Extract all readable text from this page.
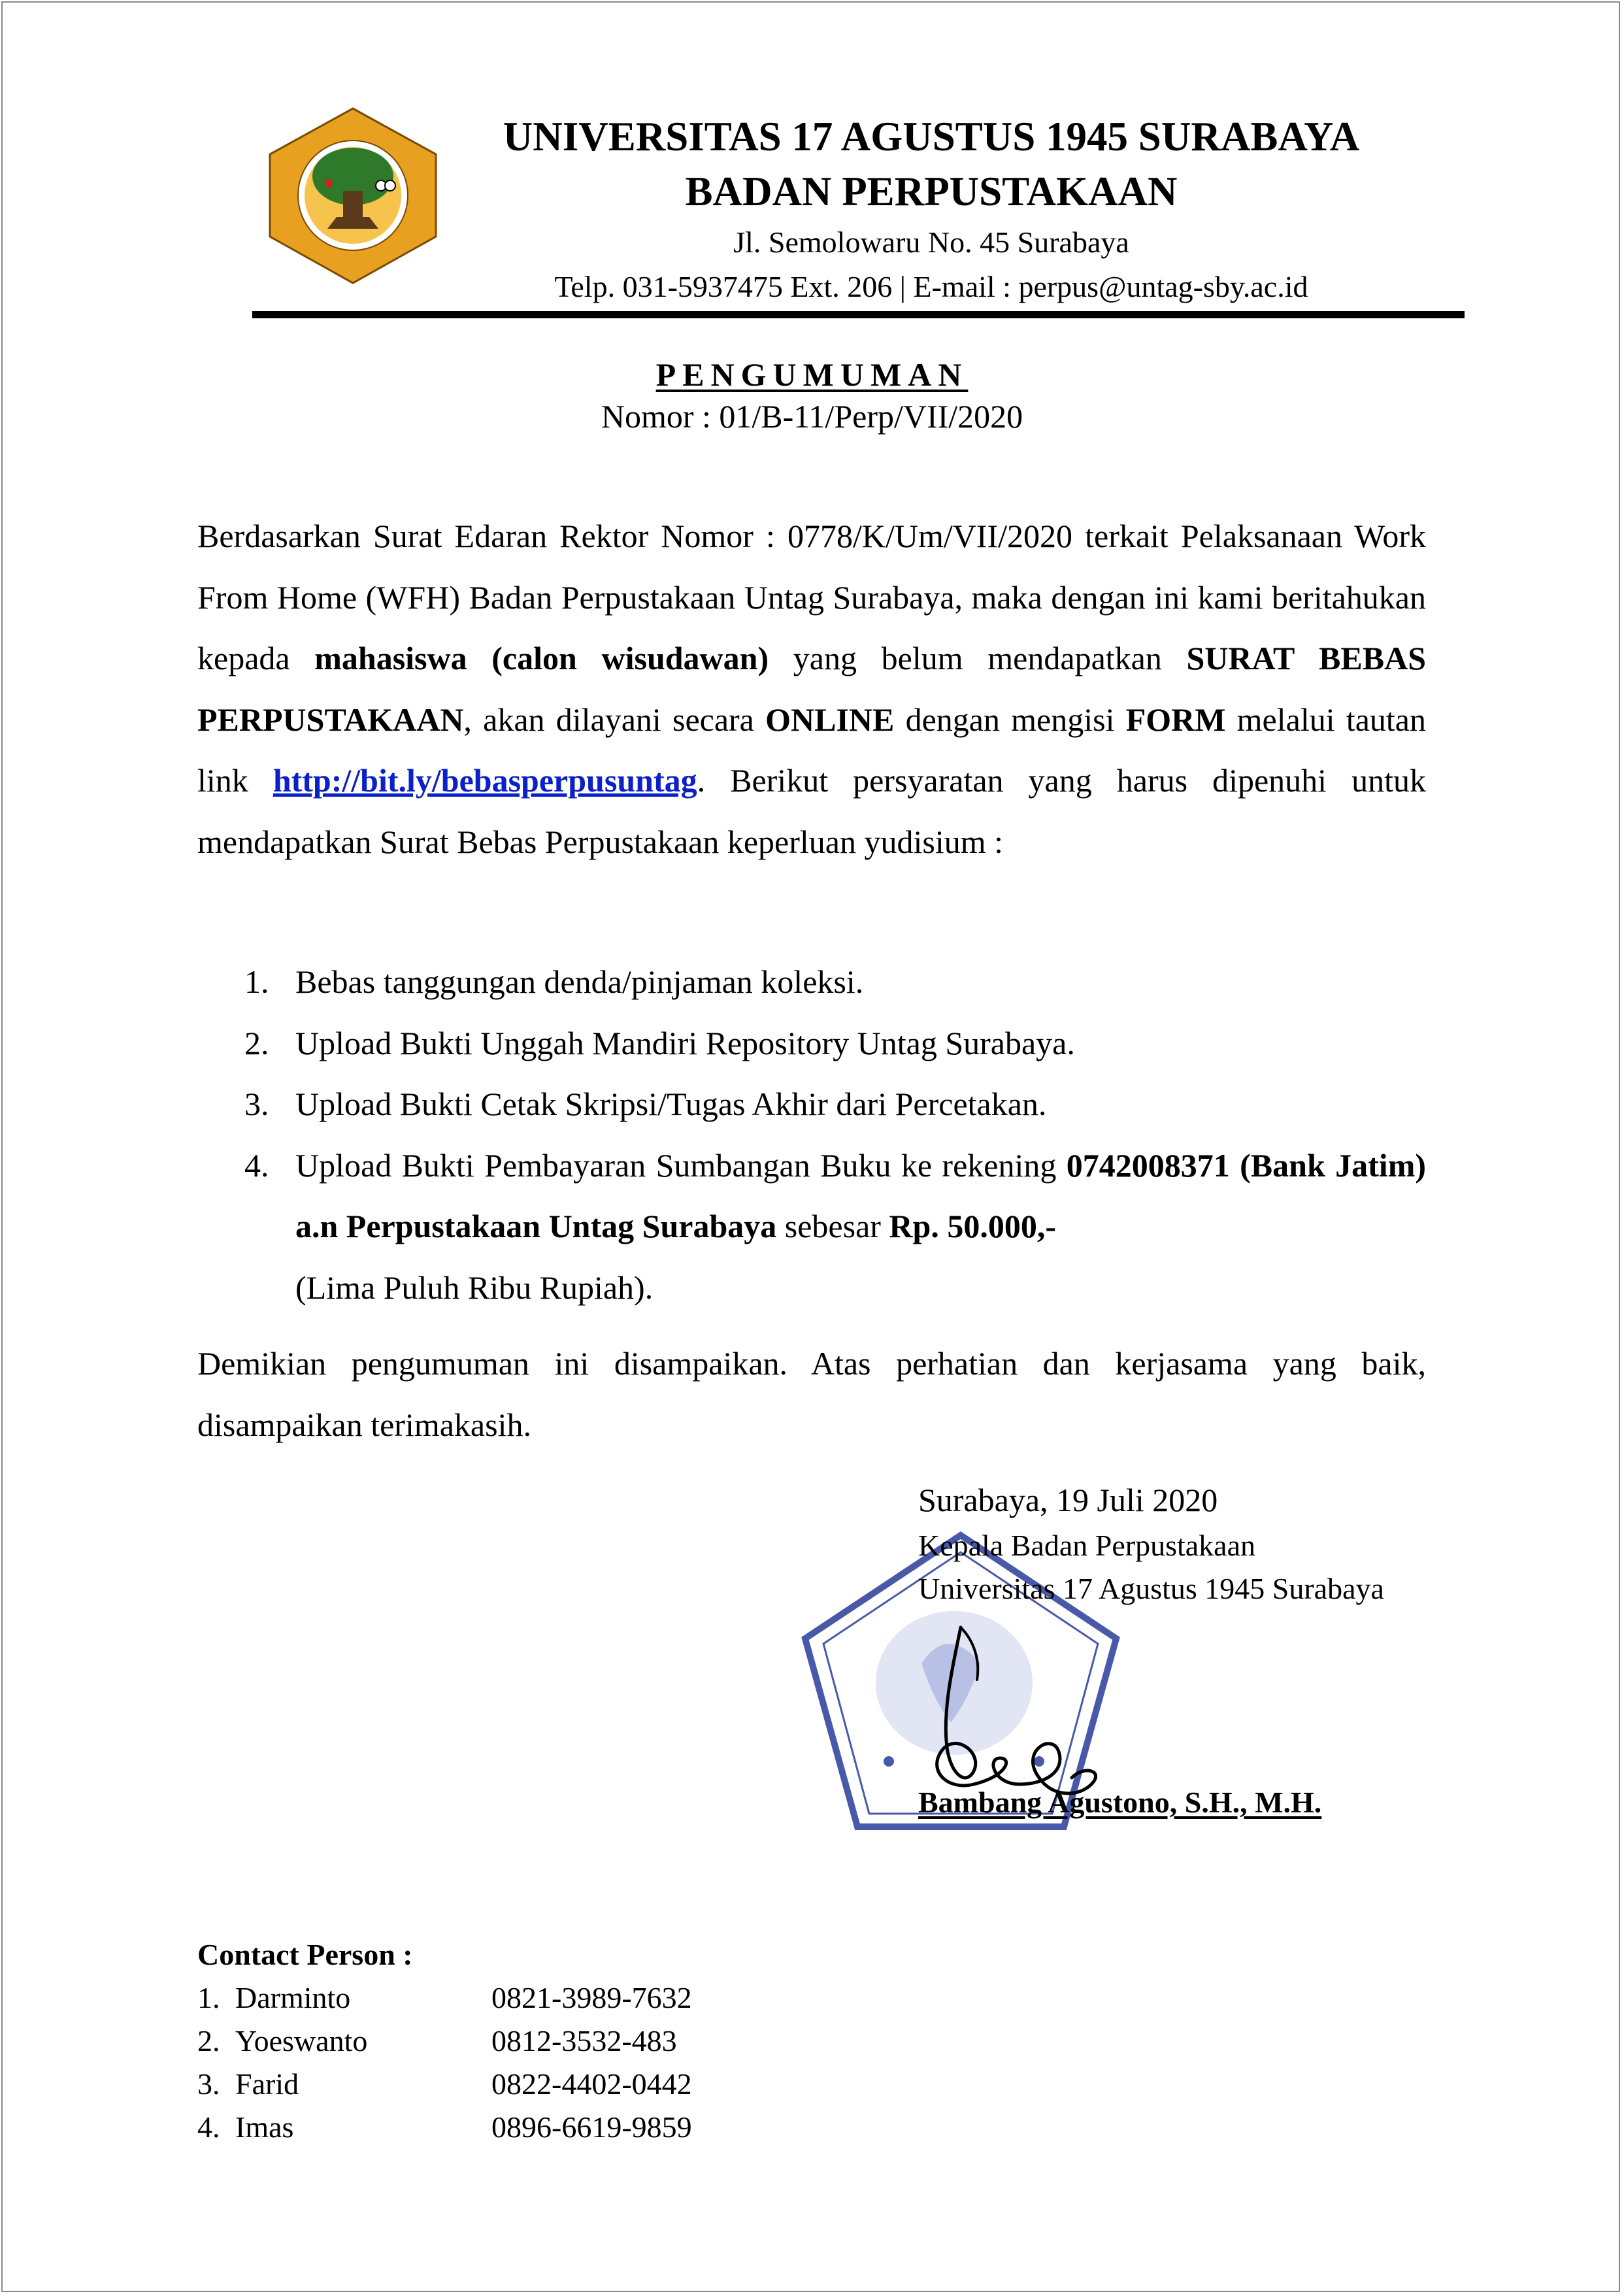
UNIVERSITAS 17 AGUSTUS 1945 SURABAYA
BADAN PERPUSTAKAAN
Jl. Semolowaru No. 45 Surabaya
Telp. 031-5937475 Ext. 206 | E-mail : perpus@untag-sby.ac.id
PENGUMUMAN
Nomor : 01/B-11/Perp/VII/2020
Berdasarkan Surat Edaran Rektor Nomor : 0778/K/Um/VII/2020 terkait Pelaksanaan Work From Home (WFH) Badan Perpustakaan Untag Surabaya, maka dengan ini kami beritahukan kepada mahasiswa (calon wisudawan) yang belum mendapatkan SURAT BEBAS PERPUSTAKAAN, akan dilayani secara ONLINE dengan mengisi FORM melalui tautan link http://bit.ly/bebasperpusuntag. Berikut persyaratan yang harus dipenuhi untuk mendapatkan Surat Bebas Perpustakaan keperluan yudisium :
1. Bebas tanggungan denda/pinjaman koleksi.
2. Upload Bukti Unggah Mandiri Repository Untag Surabaya.
3. Upload Bukti Cetak Skripsi/Tugas Akhir dari Percetakan.
4. Upload Bukti Pembayaran Sumbangan Buku ke rekening 0742008371 (Bank Jatim) a.n Perpustakaan Untag Surabaya sebesar Rp. 50.000,-
(Lima Puluh Ribu Rupiah).
Demikian pengumuman ini disampaikan. Atas perhatian dan kerjasama yang baik, disampaikan terimakasih.
Surabaya, 19 Juli 2020
Kepala Badan Perpustakaan
Universitas 17 Agustus 1945 Surabaya
Bambang Agustono, S.H., M.H.
Contact Person :
1. Darminto	0821-3989-7632
2. Yoeswanto	0812-3532-483
3. Farid	0822-4402-0442
4. Imas	0896-6619-9859
